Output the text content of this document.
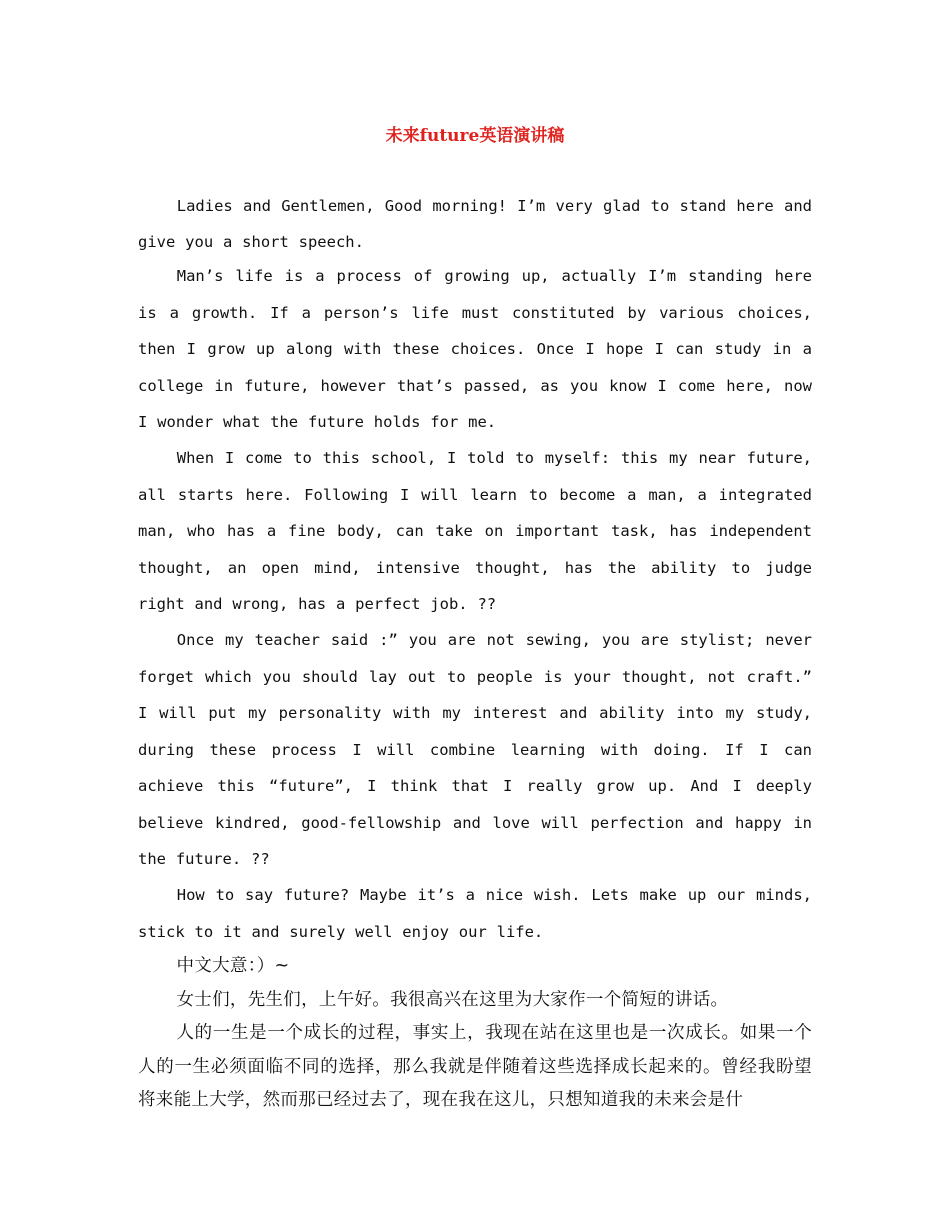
未来future英语演讲稿

Ladies and Gentlemen, Good morning! I’m very glad to stand here and give you a short speech.

Man’s life is a process of growing up, actually I’m standing here is a growth. If a person’s life must constituted by various choices, then I grow up along with these choices. Once I hope I can study in a college in future, however that’s passed, as you know I come here, now I wonder what the future holds for me.

When I come to this school, I told to myself: this my near future, all starts here. Following I will learn to become a man, a integrated man, who has a fine body, can take on important task, has independent thought, an open mind, intensive thought, has the ability to judge right and wrong, has a perfect job. ??

Once my teacher said :” you are not sewing, you are stylist; never forget which you should lay out to people is your thought, not craft.” I will put my personality with my interest and ability into my study, during these process I will combine learning with doing. If I can achieve this “future”, I think that I really grow up. And I deeply believe kindred, good-fellowship and love will perfection and happy in the future. ??

How to say future? Maybe it’s a nice wish. Lets make up our minds, stick to it and surely well enjoy our life.

中文大意：）~

女士们，先生们，上午好。我很高兴在这里为大家作一个简短的讲话。

人的一生是一个成长的过程，事实上，我现在站在这里也是一次成长。如果一个人的一生必须面临不同的选择，那么我就是伴随着这些选择成长起来的。曾经我盼望将来能上大学，然而那已经过去了，现在我在这儿，只想知道我的未来会是什
